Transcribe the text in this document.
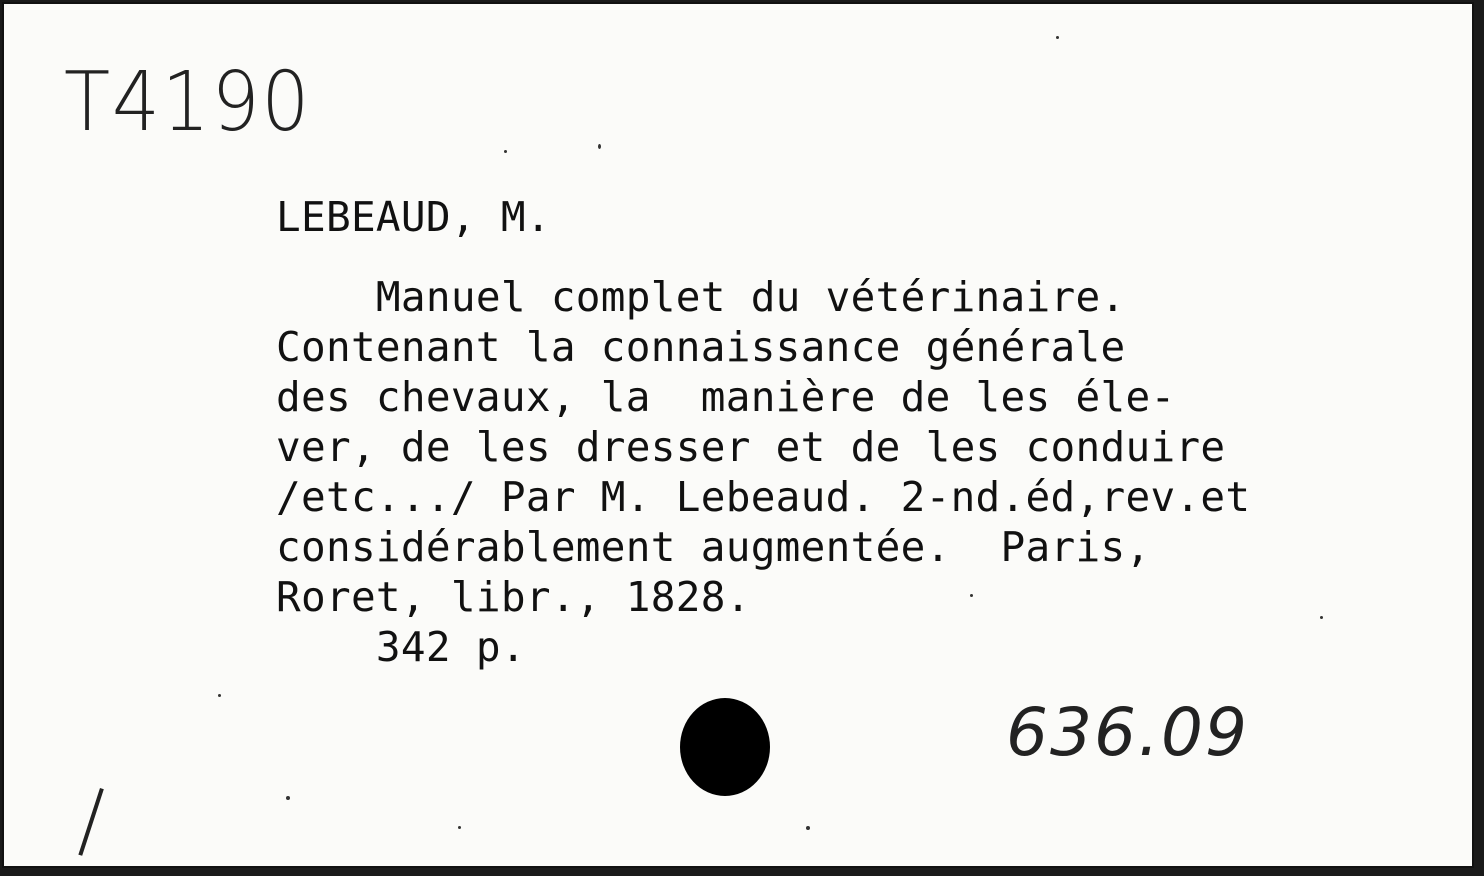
T4190
LEBEAUD, M.
Manuel complet du vétérinaire.
Contenant la connaissance générale
des chevaux, la  manière de les éle-
ver, de les dresser et de les conduire
/etc.../ Par M. Lebeaud. 2-nd.éd,rev.et
considérablement augmentée.  Paris,
Roret, libr., 1828.
342 p.
636.09
